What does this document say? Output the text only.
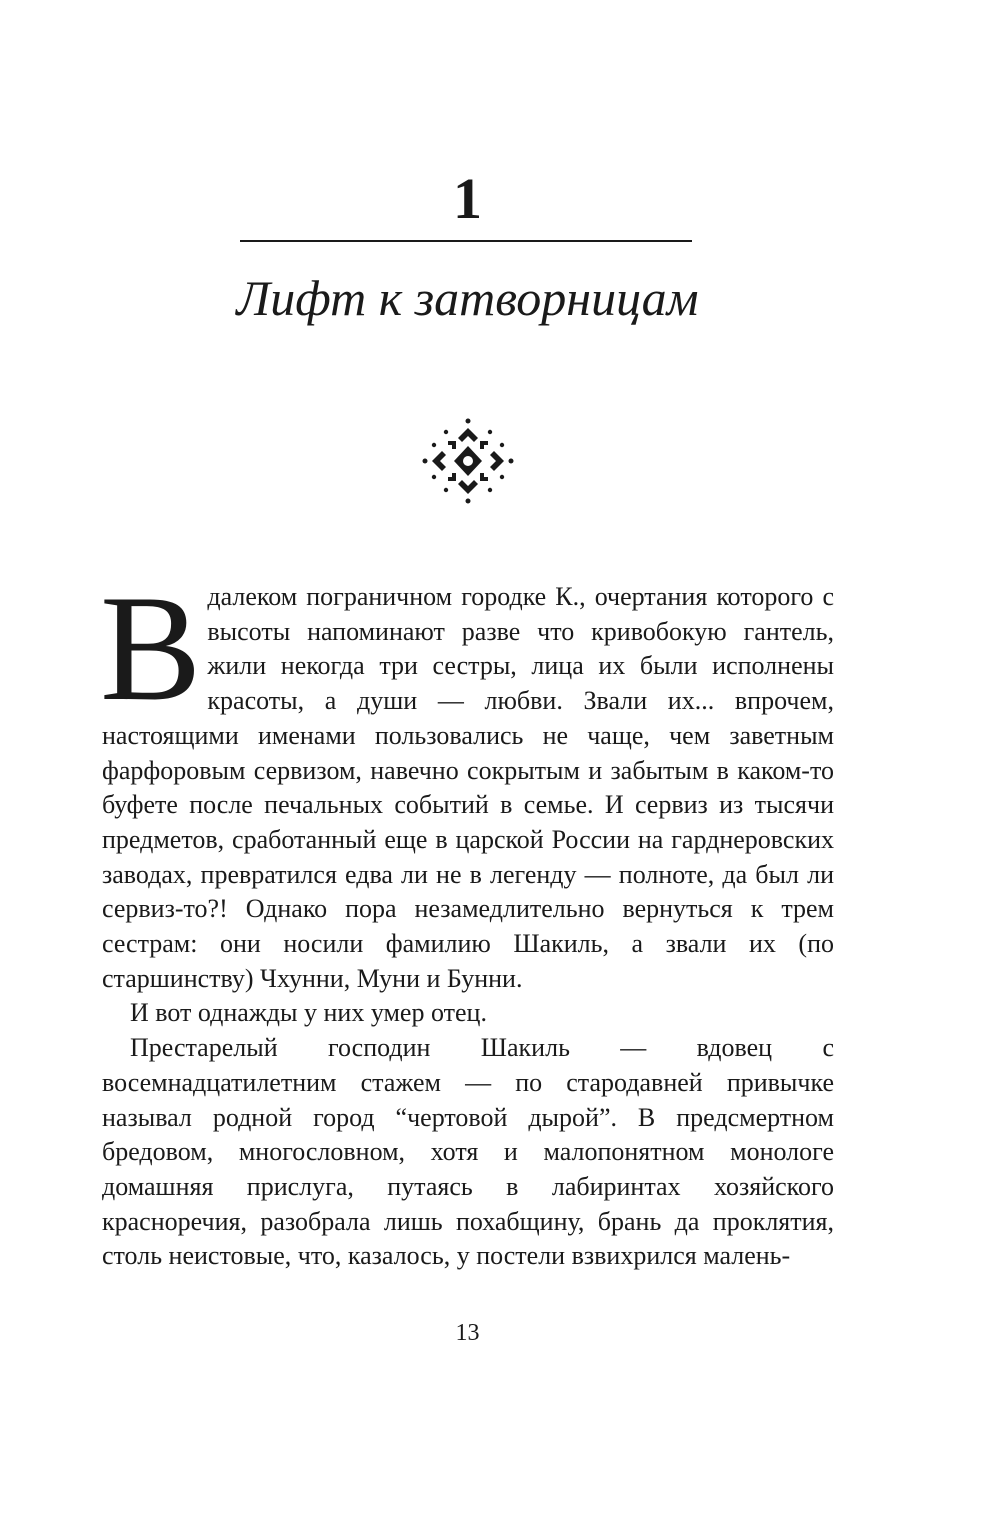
1
Лифт к затворницам

Вдалеком пограничном городке К., очертания которого с высоты напоминают разве что кривобокую гантель, жили некогда три сестры, лица их были исполнены красоты, а души — любви. Звали их... впрочем, настоящими именами пользовались не чаще, чем заветным фарфоровым сервизом, навечно сокрытым и забытым в каком-то буфете после печальных событий в семье. И сервиз из тысячи предметов, сработанный еще в царской России на гарднеровских заводах, превратился едва ли не в легенду — полноте, да был ли сервиз-то?! Однако пора незамедлительно вернуться к трем сестрам: они носили фамилию Шакиль, а звали их (по старшинству) Чхунни, Муни и Бунни.

И вот однажды у них умер отец.

Престарелый господин Шакиль — вдовец с восемнадцатилетним стажем — по стародавней привычке называл родной город “чертовой дырой”. В предсмертном бредовом, многословном, хотя и малопонятном монологе домашняя прислуга, путаясь в лабиринтах хозяйского красноречия, разобрала лишь похабщину, брань да проклятия, столь неистовые, что, казалось, у постели взвихрился малень-

13
